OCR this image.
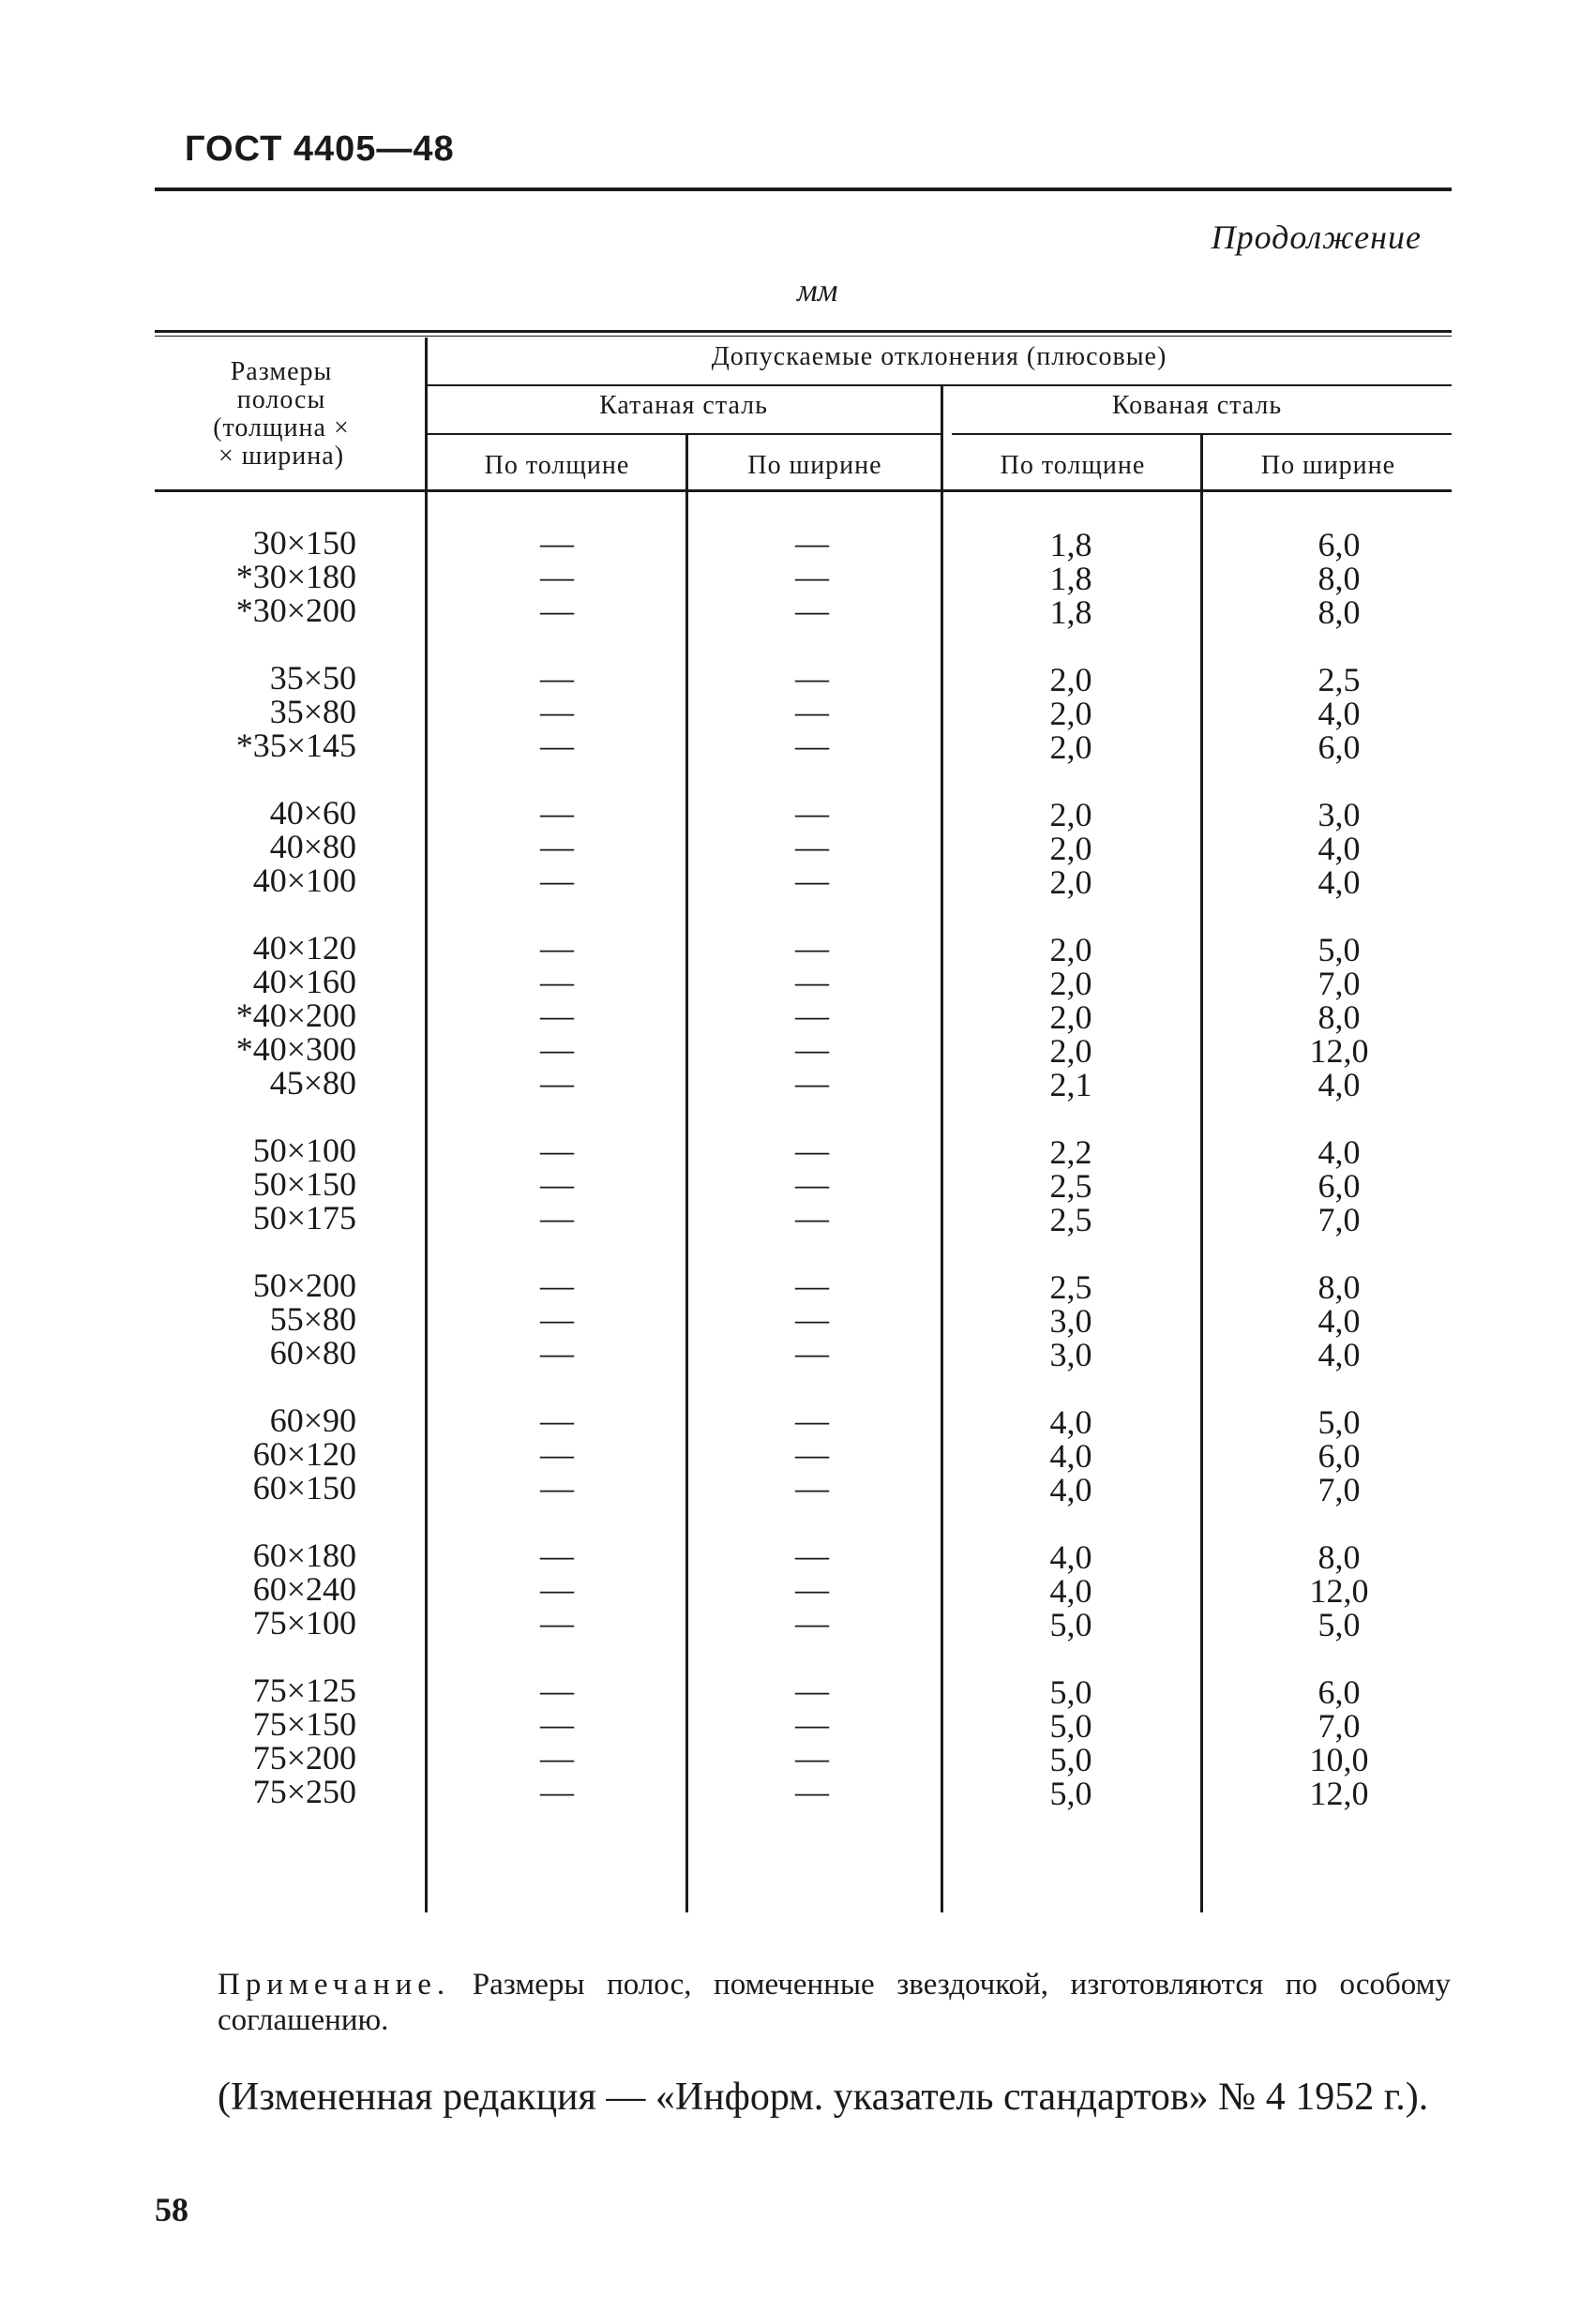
ГОСТ 4405—48
Продолжение
мм
Размеры
полосы
(толщина ×
× ширина)
Допускаемые отклонения (плюсовые)
Катаная сталь	Кованая сталь
По толщине	По ширине	По толщине	По ширине
30×150	—	—	1,8	6,0
*30×180	—	—	1,8	8,0
*30×200	—	—	1,8	8,0
35×50	—	—	2,0	2,5
35×80	—	—	2,0	4,0
*35×145	—	—	2,0	6,0
40×60	—	—	2,0	3,0
40×80	—	—	2,0	4,0
40×100	—	—	2,0	4,0
40×120	—	—	2,0	5,0
40×160	—	—	2,0	7,0
*40×200	—	—	2,0	8,0
*40×300	—	—	2,0	12,0
45×80	—	—	2,1	4,0
50×100	—	—	2,2	4,0
50×150	—	—	2,5	6,0
50×175	—	—	2,5	7,0
50×200	—	—	2,5	8,0
55×80	—	—	3,0	4,0
60×80	—	—	3,0	4,0
60×90	—	—	4,0	5,0
60×120	—	—	4,0	6,0
60×150	—	—	4,0	7,0
60×180	—	—	4,0	8,0
60×240	—	—	4,0	12,0
75×100	—	—	5,0	5,0
75×125	—	—	5,0	6,0
75×150	—	—	5,0	7,0
75×200	—	—	5,0	10,0
75×250	—	—	5,0	12,0
Примечание. Размеры полос, помеченные звездочкой, изготовляются по особому соглашению.
(Измененная редакция — «Информ. указатель стандартов» № 4 1952 г.).
58
